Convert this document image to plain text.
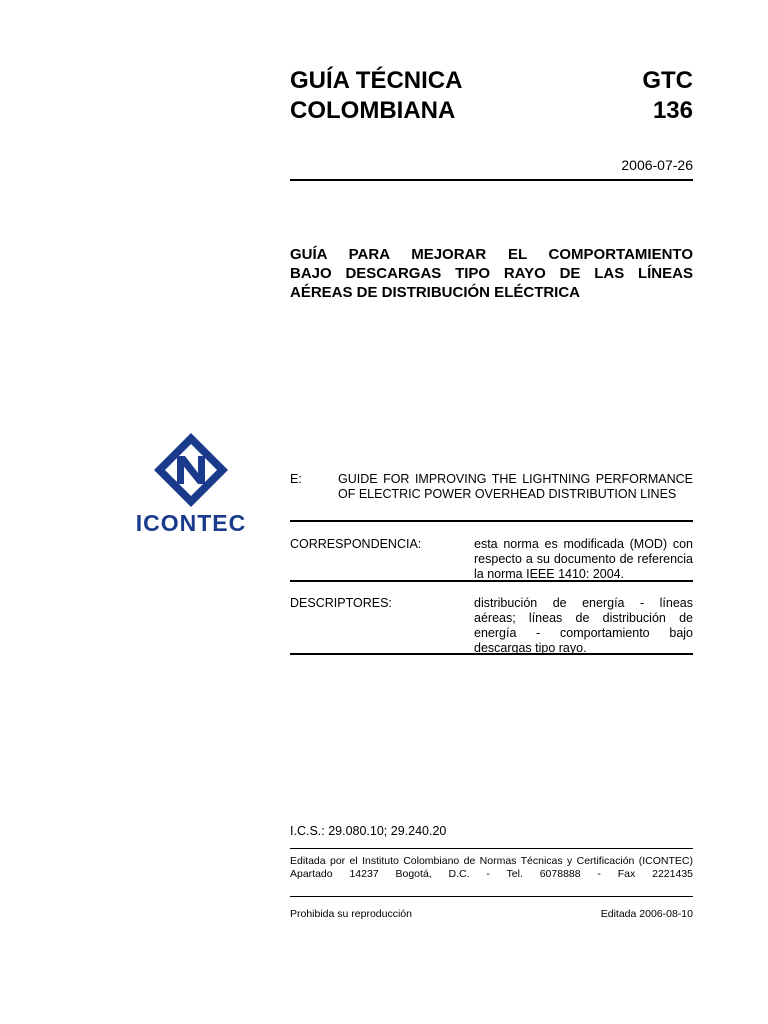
GUÍA TÉCNICA
COLOMBIANA
GTC
136
2006-07-26
GUÍA PARA MEJORAR EL COMPORTAMIENTO
BAJO DESCARGAS TIPO RAYO DE LAS LÍNEAS
AÉREAS DE DISTRIBUCIÓN ELÉCTRICA
ICONTEC
E:	GUIDE FOR IMPROVING THE LIGHTNING PERFORMANCE
OF ELECTRIC POWER OVERHEAD DISTRIBUTION LINES
CORRESPONDENCIA:	esta norma es modificada (MOD) con
respecto a su documento de referencia
la norma IEEE 1410: 2004.
DESCRIPTORES:	distribución de energía - líneas
aéreas; líneas de distribución de
energía - comportamiento bajo
descargas tipo rayo.
I.C.S.: 29.080.10; 29.240.20
Editada por el Instituto Colombiano de Normas Técnicas y Certificación (ICONTEC)
Apartado 14237 Bogotá, D.C. - Tel. 6078888 - Fax 2221435
Prohibida su reproducción	Editada 2006-08-10
